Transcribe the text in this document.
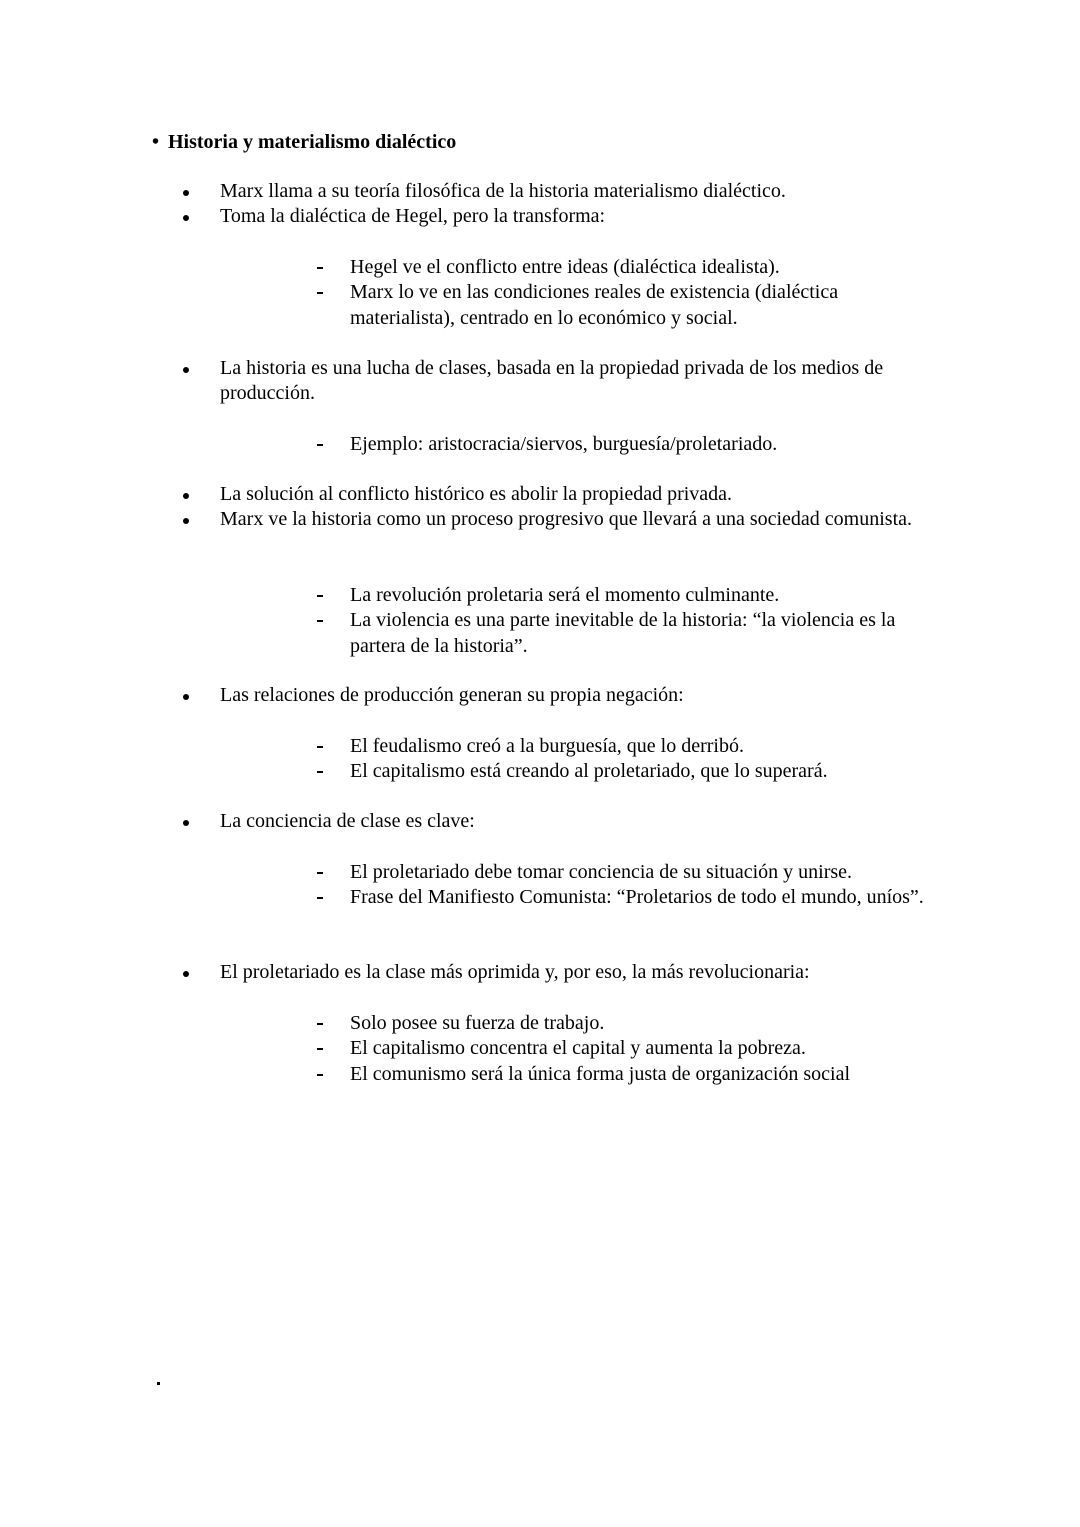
• Historia y materialismo dialéctico
Marx llama a su teoría filosófica de la historia materialismo dialéctico.
Toma la dialéctica de Hegel, pero la transforma:
Hegel ve el conflicto entre ideas (dialéctica idealista).
Marx lo ve en las condiciones reales de existencia (dialéctica materialista), centrado en lo económico y social.
La historia es una lucha de clases, basada en la propiedad privada de los medios de producción.
Ejemplo: aristocracia/siervos, burguesía/proletariado.
La solución al conflicto histórico es abolir la propiedad privada.
Marx ve la historia como un proceso progresivo que llevará a una sociedad comunista.
La revolución proletaria será el momento culminante.
La violencia es una parte inevitable de la historia: “la violencia es la partera de la historia”.
Las relaciones de producción generan su propia negación:
El feudalismo creó a la burguesía, que lo derribó.
El capitalismo está creando al proletariado, que lo superará.
La conciencia de clase es clave:
El proletariado debe tomar conciencia de su situación y unirse.
Frase del Manifiesto Comunista: “Proletarios de todo el mundo, uníos”.
El proletariado es la clase más oprimida y, por eso, la más revolucionaria:
Solo posee su fuerza de trabajo.
El capitalismo concentra el capital y aumenta la pobreza.
El comunismo será la única forma justa de organización social
